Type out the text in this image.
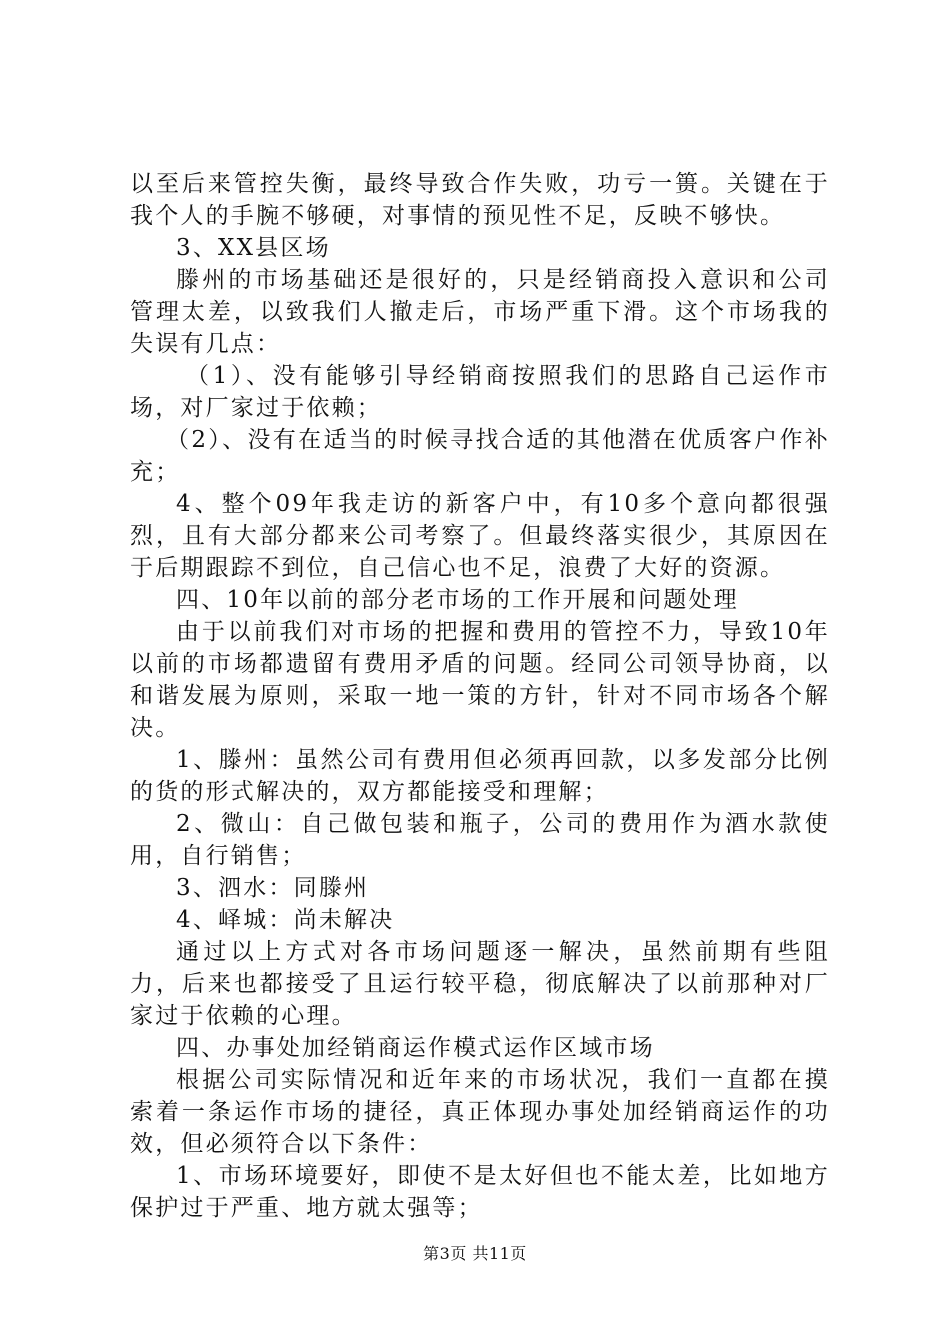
以至后来管控失衡，最终导致合作失败，功亏一篑。关键在于我个人的手腕不够硬，对事情的预见性不足，反映不够快。

3、XX县区场

滕州的市场基础还是很好的，只是经销商投入意识和公司管理太差，以致我们人撤走后，市场严重下滑。这个市场我的失误有几点：

（1）、没有能够引导经销商按照我们的思路自己运作市场，对厂家过于依赖；

（2）、没有在适当的时候寻找合适的其他潜在优质客户作补充；

4、整个09年我走访的新客户中，有10多个意向都很强烈，且有大部分都来公司考察了。但最终落实很少，其原因在于后期跟踪不到位，自己信心也不足，浪费了大好的资源。

四、10年以前的部分老市场的工作开展和问题处理

由于以前我们对市场的把握和费用的管控不力，导致10年以前的市场都遗留有费用矛盾的问题。经同公司领导协商，以和谐发展为原则，采取一地一策的方针，针对不同市场各个解决。

1、滕州：虽然公司有费用但必须再回款，以多发部分比例的货的形式解决的，双方都能接受和理解；

2、微山：自己做包装和瓶子，公司的费用作为酒水款使用，自行销售；

3、泗水：同滕州

4、峄城：尚未解决

通过以上方式对各市场问题逐一解决，虽然前期有些阻力，后来也都接受了且运行较平稳，彻底解决了以前那种对厂家过于依赖的心理。

四、办事处加经销商运作模式运作区域市场

根据公司实际情况和近年来的市场状况，我们一直都在摸索着一条运作市场的捷径，真正体现办事处加经销商运作的功效，但必须符合以下条件：

1、市场环境要好，即使不是太好但也不能太差，比如地方保护过于严重、地方就太强等；

第3页 共11页
